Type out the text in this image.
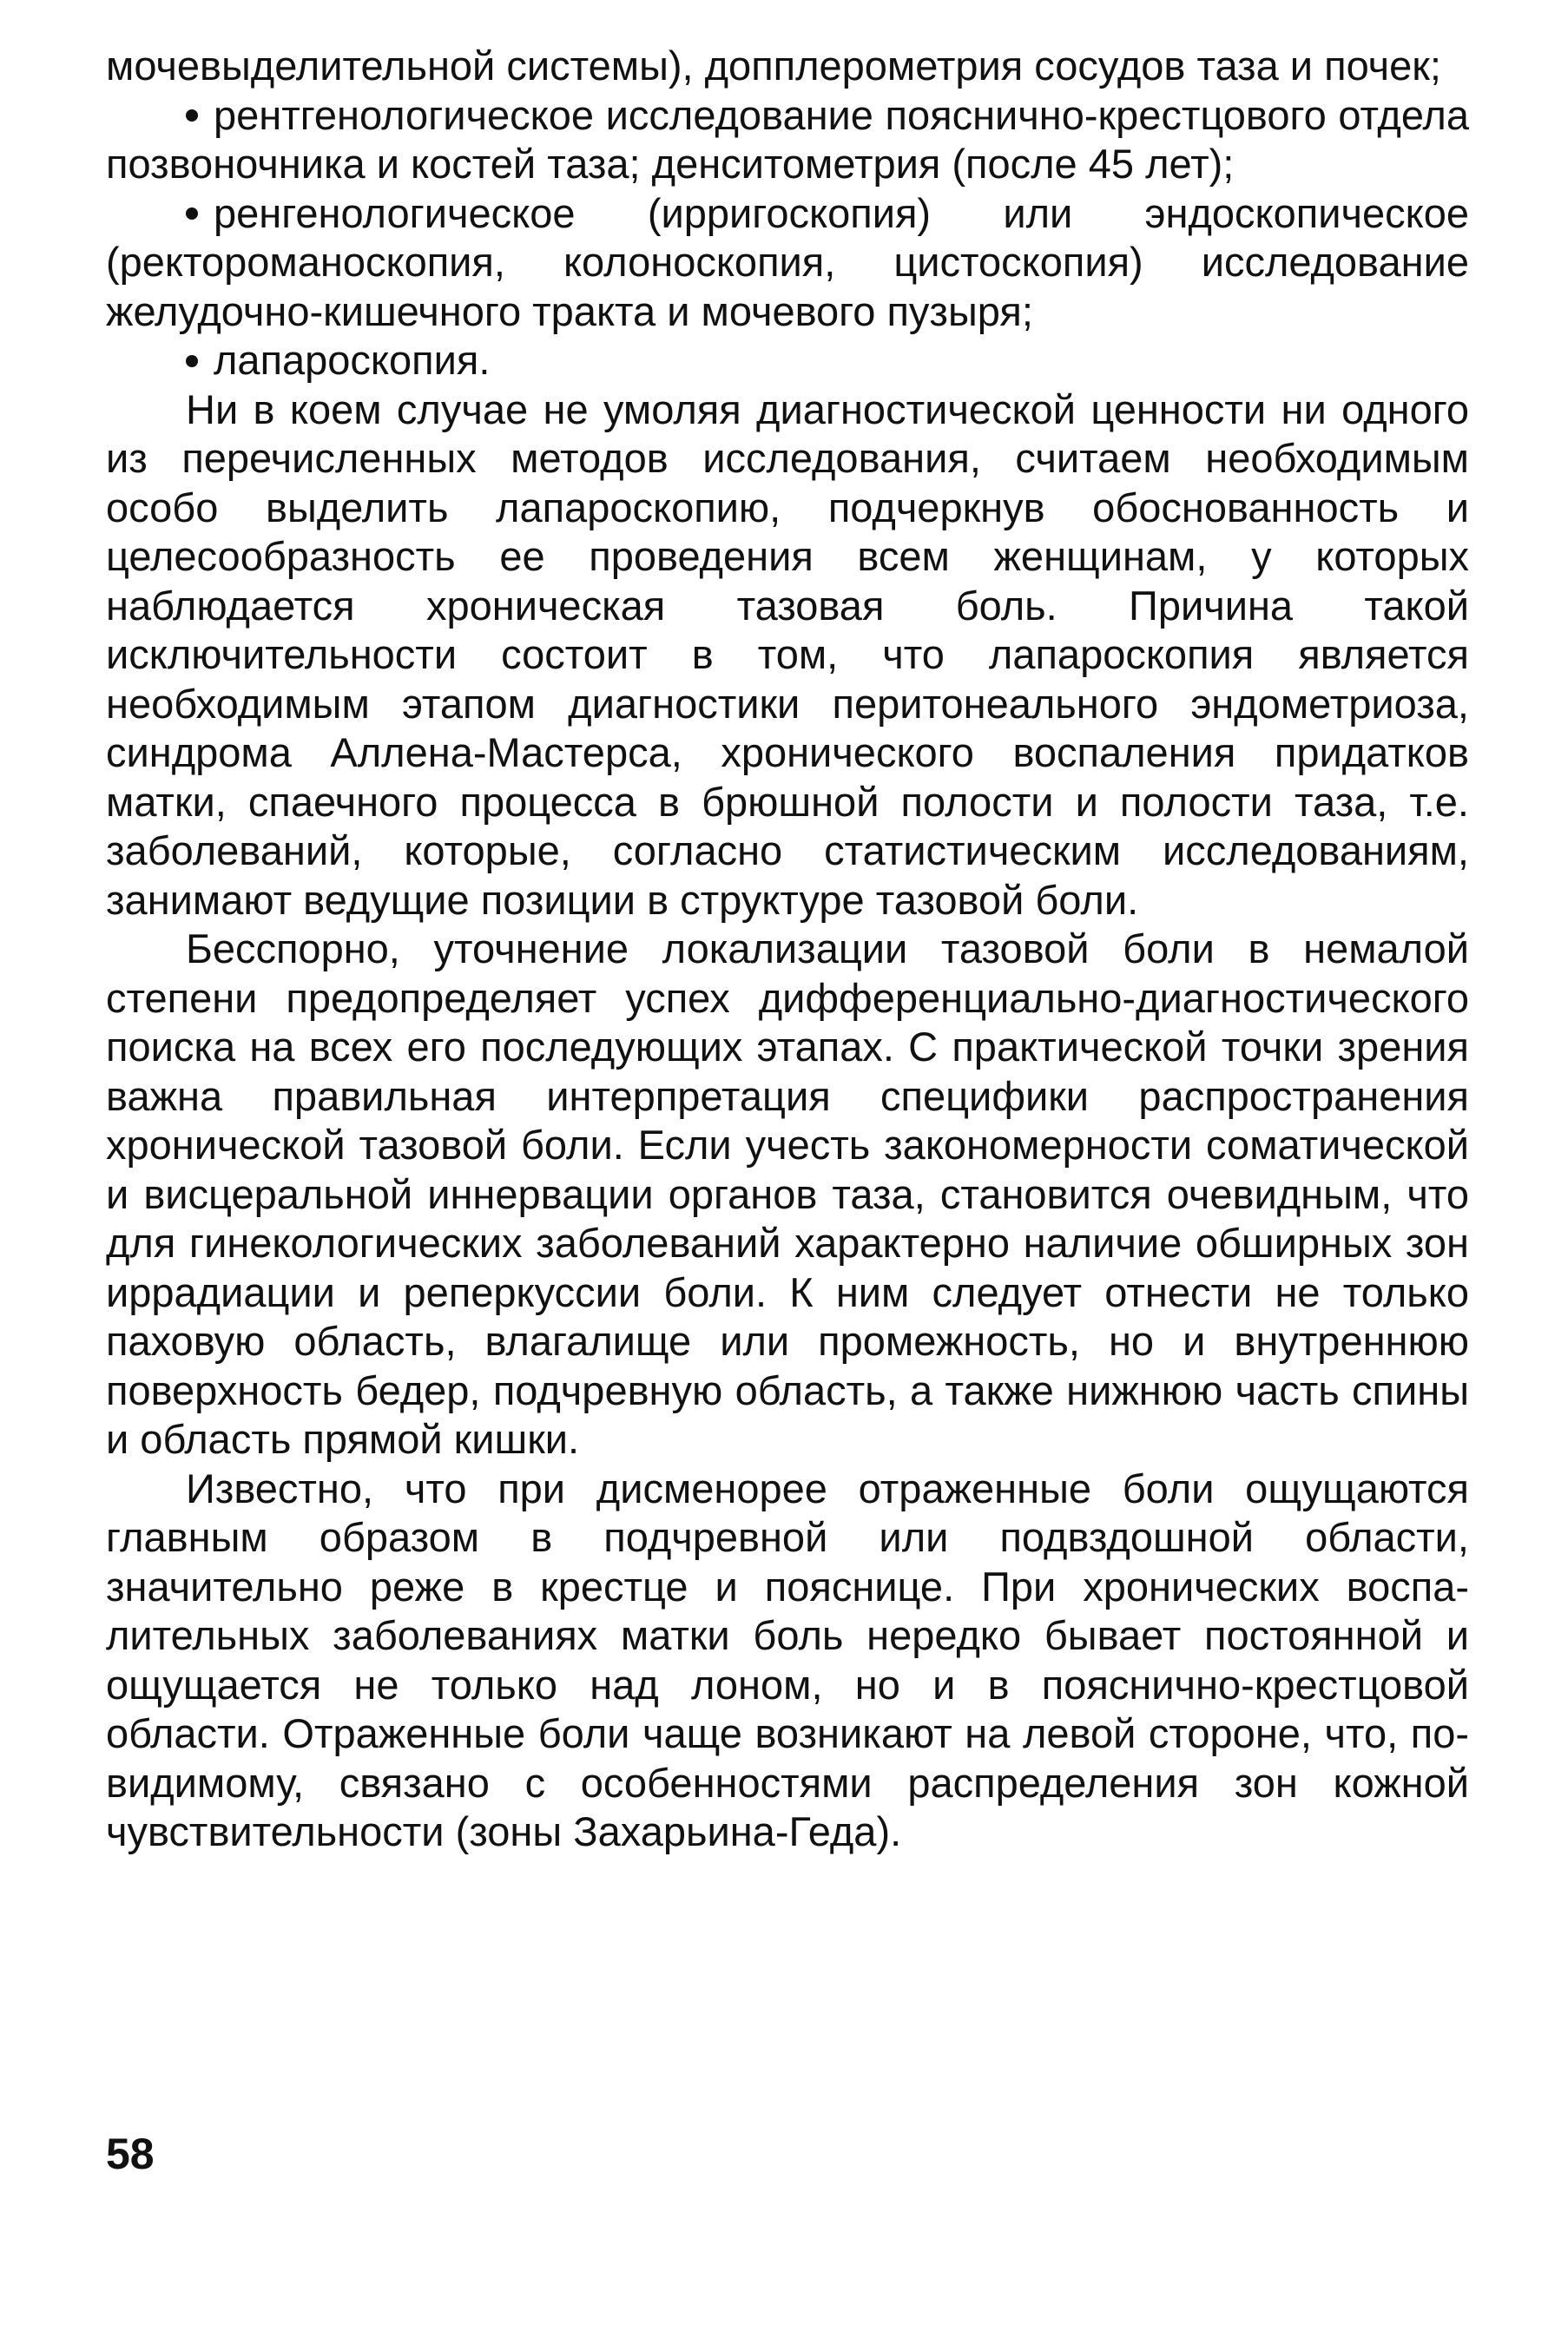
мочевыделительной системы), допплерометрия сосудов таза и почек;

рентгенологическое исследование пояснично-крестцового отдела позвоночника и костей таза; денситометрия (после 45 лет);

ренгенологическое (ирригоскопия) или эндоскопическое (ректороманоскопия, колоноскопия, цистоскопия) исследование желудочно-кишечного тракта и мочевого пузыря;

лапароскопия.

Ни в коем случае не умоляя диагностической ценности ни одного из перечисленных методов исследования, считаем необходимым особо выделить лапароскопию, подчеркнув обоснованность и целесообразность ее проведения всем женщинам, у которых наблюдается хроническая тазовая боль. Причина такой исключительности состоит в том, что лапароскопия является необходимым этапом диагностики перитонеального эндометриоза, синдрома Аллена-Мастерса, хронического воспаления придатков матки, спаечного процесса в брюшной полости и полости таза, т.е. заболеваний, которые, согласно статистическим исследованиям, занимают ведущие позиции в структуре тазовой боли.

Бесспорно, уточнение локализации тазовой боли в немалой степени предопределяет успех дифференциально-диагностического поиска на всех его последующих этапах. С практической точки зрения важна правильная интерпретация специфики распространения хронической тазовой боли. Если учесть закономерности соматической и висцеральной иннервации органов таза, становится очевидным, что для гинекологических заболеваний характерно наличие обширных зон иррадиации и реперкуссии боли. К ним следует отнести не только паховую область, влагалище или промежность, но и внутреннюю поверхность бедер, подчревную область, а также нижнюю часть спины и область прямой кишки.

Известно, что при дисменорее отраженные боли ощущаются главным образом в подчревной или подвздошной области, значительно реже в крестце и пояснице. При хронических воспалительных заболеваниях матки боль нередко бывает постоянной и ощущается не только над лоном, но и в пояснично-крестцовой области. Отраженные боли чаще возникают на левой стороне, что, по-видимому, связано с особенностями распределения зон кожной чувствительности (зоны Захарьина-Геда).

58
